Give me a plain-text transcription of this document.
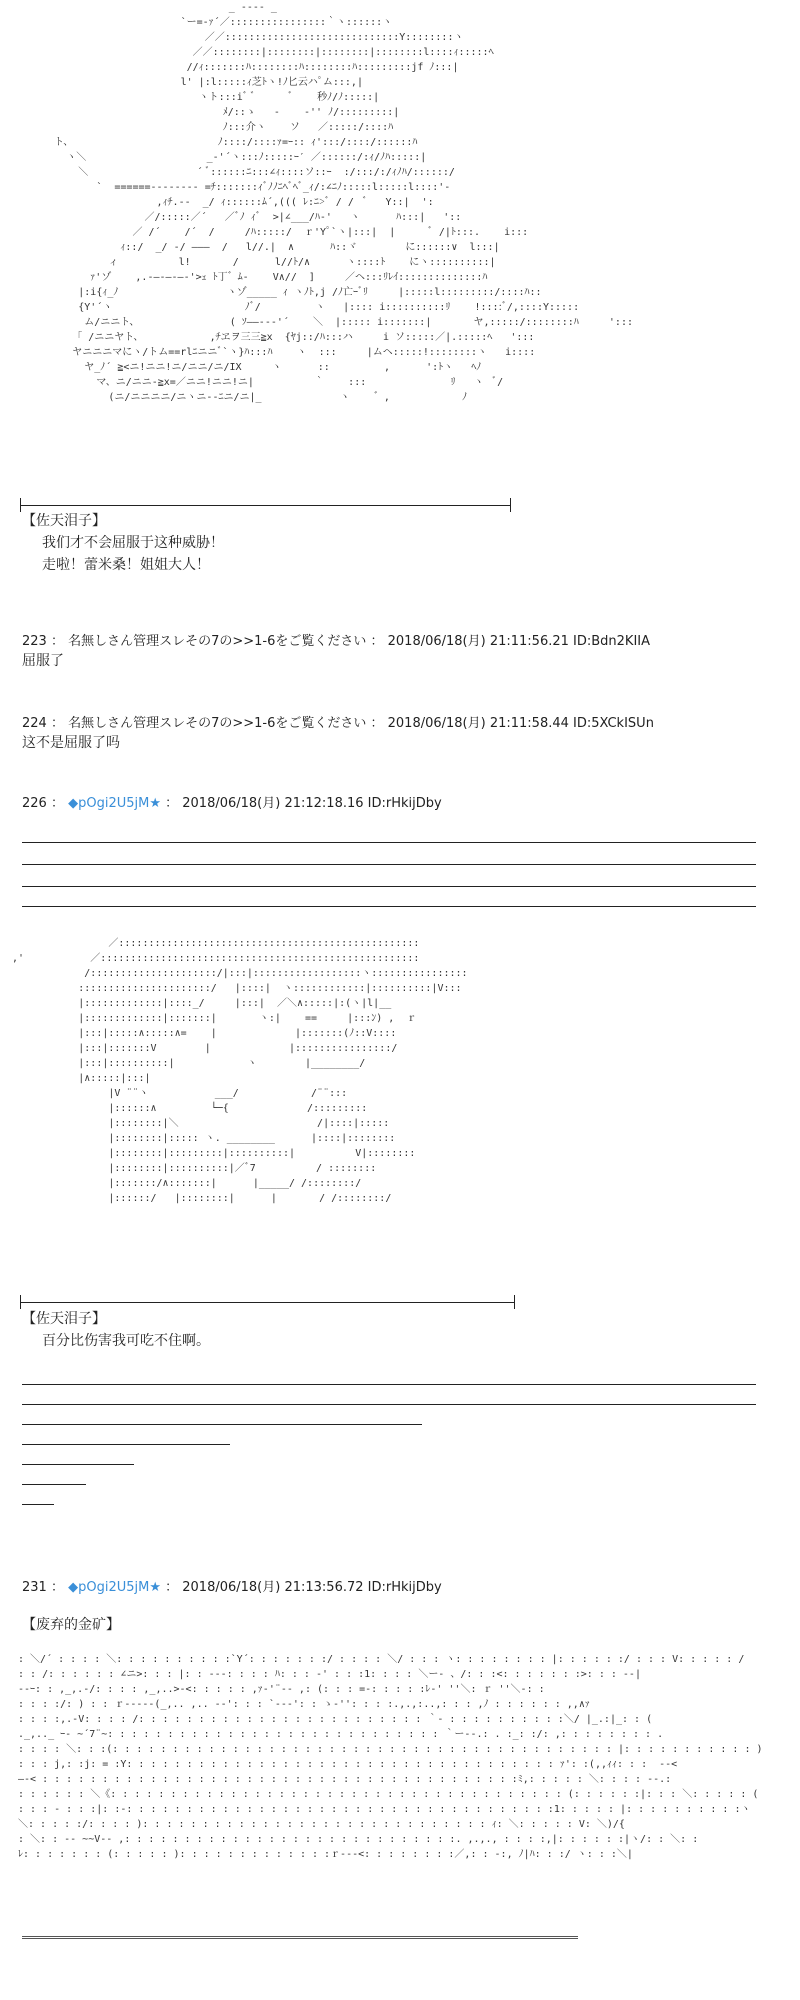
_ -‐-- _
`ー=‐ｧ´／::::::::::::::::｀ヽ::::::ヽ
／／:::::::::::::::::::::::::::::Y::::::::ヽ
／／::::::::|::::::::|::::::::|::::::::l::::ｨ:::::ﾍ
//ｨ:::::::ﾊ::::::::ﾊ::::::::ﾊ:::::::::jf ﾉ:::|
l' |:l:::::ｨ芝ﾄヽ!ﾉ匕云ハﾟム:::,|
ヽト:::iﾞ ﾞ      ﾞ    秒ﾉ/ﾉ:::::|
ﾒ/::ゝ   ‐    ‐'' ﾉ/:::::::::|
ﾉ:::介ヽ    ソ   ／:::::/::::ﾊ
ト、                        ﾉ::::/::::ｧ=ｰ:: ｨ':::/::::/::::::ﾊ
ヽ＼                    _‐'´ヽ:::ﾉ:::::ｰ′ ／::::::/:ｨ/ﾉﾊ:::::|
＼                  ´ ﾞ::::::ﾆ:::∠ｨ::::ソ::ｰ  :/:::/:/ｨﾉﾊ/::::::/
`  ======-------- =ﾁ:::::::ｨﾞﾉﾉﾆﾍﾞﾍﾞ_ｨ/:∠ﾆﾉ:::::l:::::l::::'-
,ｨﾁ.‐-  _/ ｨ::::::ﾑ´,((( ﾚ:ﾆ>ﾞ / /  ﾞ   Y::|  ':
／/:::::／´   ／ﾞﾉ ｨﾞ  >|∠___/ﾊ-'   ヽ      ﾊ:::|   '::
／ /´    /´  /     /ﾊ:::::/  ｒ'Yﾟ`ヽ|:::|  |      ﾞ /|ﾄ:::.    i:::
ｨ::/  _/ -/ ―――  /   l//.|  ∧      ﾊ::ヾ        に::::::∨  l:::|
ィ          l!       /      l//ﾄ/∧      ヽ::::ﾄ    にヽ::::::::::|
ｧ'ゾ    ,.‐―‐―‐―‐'>ｪ ﾄ丁゛ﾑ-    V∧//  ]     ／ヘ:::ﾘﾚｲ::::::::::::::ﾊ
|:i{ｨ_ﾉ                  ヽゾ_____ ｨ ヽﾉﾄ,j /ﾉ亡ｰﾞﾘ     |:::::l:::::::::/::::ﾊ::
{Y'´ヽ                      ﾉﾞ/         ヽ   |:::: i::::::::::ﾘ    !::::ﾞ/,::::Y:::::
ム/ニニト、               ( ｿ――‐-‐'´    ＼  |::::: i:::::::|       ヤ,:::::/::::::::ﾊ     ':::
「 /ニニヤト、           ,ﾁヱヲ三三≧x  {ﾔj::/ﾊ:::ハ     i ソ:::::／|.:::::ﾍ   ':::
ヤニニニマにヽ/トム==rlﾆニニﾞ`ヽ}ﾊ:::ﾊ    ヽ  :::     |ムヘ:::::!::::::::ヽ   i::::
ヤ_ﾉ´ ≧<ニ!ニニ!ニ/ニニ/ニ/IX     ヽ      ::         ,      ':ﾄヽ   ﾍﾉ
マ、ニ/ニニ‐≧x=／ニニ!ニニ!ニ|          ｀    :::              ﾘ   ヽ  ﾞ/
(ニ/ニニニニ/ニヽニ‐‐ﾆニ/ニ|_             ヽ    ゛,            ﾉ
【佐天泪子】
我们才不会屈服于这种威胁！
走啦！蕾米桑！姐姐大人！
223 ： 名無しさん管理スレその7の>>1-6をご覧ください ： 2018/06/18(月) 21:11:56.21 ID:Bdn2KIIA
屈服了
224 ： 名無しさん管理スレその7の>>1-6をご覧ください ： 2018/06/18(月) 21:11:58.44 ID:5XCkISUn
这不是屈服了吗
226 ： ◆pOgi2U5jM★ ： 2018/06/18(月) 21:12:18.16 ID:rHkijDby
／::::::::::::::::::::::::::::::::::::::::::::::::::
,'           ／:::::::::::::::::::::::::::::::::::::::::::::::::::::
/:::::::::::::::::::::/|:::|::::::::::::::::::ヽ::::::::::::::::
::::::::::::::::::::::/   |::::|  ヽ::::::::::::|::::::::::|V:::
|:::::::::::::|::::_/     |:::|  ／＼∧:::::|:(ヽ|l|__
|:::::::::::::|:::::::|       ヽ:|    ==     |:::ﾝ) ,  ｒ
|:::|:::::∧:::::∧=    |             |:::::::(ﾉ::V::::
|:::|:::::::V        |             |::::::::::::::::/
|:::|::::::::::|            ヽ        |________/
|∧:::::|:::|
|V ¨¨ヽ           ___/            /¨¨:::
|::::::∧         └─{             /:::::::::
|::::::::|＼                       /|::::|:::::
|::::::::|::::: ヽ. ________      |::::|::::::::
|::::::::|:::::::::|::::::::::|          V|::::::::
|::::::::|::::::::::|／ﾞ7          / ::::::::
|:::::::/∧:::::::|      |_____/ /::::::::/
|::::::/   |::::::::|      |       / /::::::::/
【佐天泪子】
百分比伤害我可吃不住啊。
231 ： ◆pOgi2U5jM★ ： 2018/06/18(月) 21:13:56.72 ID:rHkijDby
【废弃的金矿】
: ＼/´ : : : : ＼: : : : : : : : : :`Y´: : : : : : :/ : : : : ＼/ : : : ヽ: : : : : : : : |: : : : : :/ : : : V: : : : : /
: : /: : : : : : ∠ニ>: : : |: : --‐: : : : ﾊ: : : ‐' : : :1: : : : ＼ー‐ 、/: : :<: : : : : : :>: : : ‐‐|
‐‐ｰ: : ,_,.-/: : : : ,_,..>‐<: : : : : ,ｧ‐'¨-‐ ,: (: : : =‐: : : : :ﾚ‐' ''＼: ｒ ''＼‐: :
: : : :/: ) : : ｒ‐‐‐‐‐(_,.. ,.. ‐‐': : : `‐‐-': : ゝ‐'': : : :.,.,:..,: : : ,ﾉ : : : : : : ,,∧ｧ
: : : :,.‐V: : : : /: : : : : : : : : : : : : : : : : : : : : : : : ｀‐ : : : : : : : : : :＼/ |_.:|_: : (
._,.._ ｰ‐ ~´7¨~: : : : : : : : : : : : : : : : : : : : : : : : : : : : ｀ー‐‐.: . :_: :/: ,: : : : : : : : .
: : : : ＼: : :(: : : : : : : : : : : : : : : : : : : : : : : : : : : : : : : : : : : : : : : : : : |: : : : : : : : : : : )
: : : j,: :j: = :Y: : : : : : : : : : : : : : : : : : : : : : : : : : : : : : : : : : : : ｧ': :(,,ｨｨ: : :  ‐‐<
―‐< : : : : : : : : : : : : : : : : : : : : : : : : : : : : : : : : : : : : : : : :ﾐ,: : : : : ＼: : : : ‐‐.:
: : : : : : ＼《: : : : : : : : : : : : : : : : : : : : : : : : : : : : : : : : : : : : : : (: : : : : :|: : : ＼: : : : : (
: : : ‐ : : :|: :‐: : : : : : : : : : : : : : : : : : : : : : : : : : : : : : : : : : : :1: : : : : |: : : : : : : : : :ヽ
＼: : : : :/: : : : ): : : : : : : : : : : : : : : : : : : : : : : : : : : : : ｨ: ＼: : : : : V: ＼)/{
: ＼: : -‐ ~~V‐‐ ,: : : : : : : : : : : : : : : : : : : : : : : : : : : :. ,.,., : : : :,|: : : : : :|ヽ/: : ＼: :
ﾚ: : : : : : : (: : : : : ): : : : : : : : : : : : :ｒ‐‐‐<: : : : : : : :／,: : ‐:, ﾉ|ﾊ: : :/ ヽ: : :＼|
